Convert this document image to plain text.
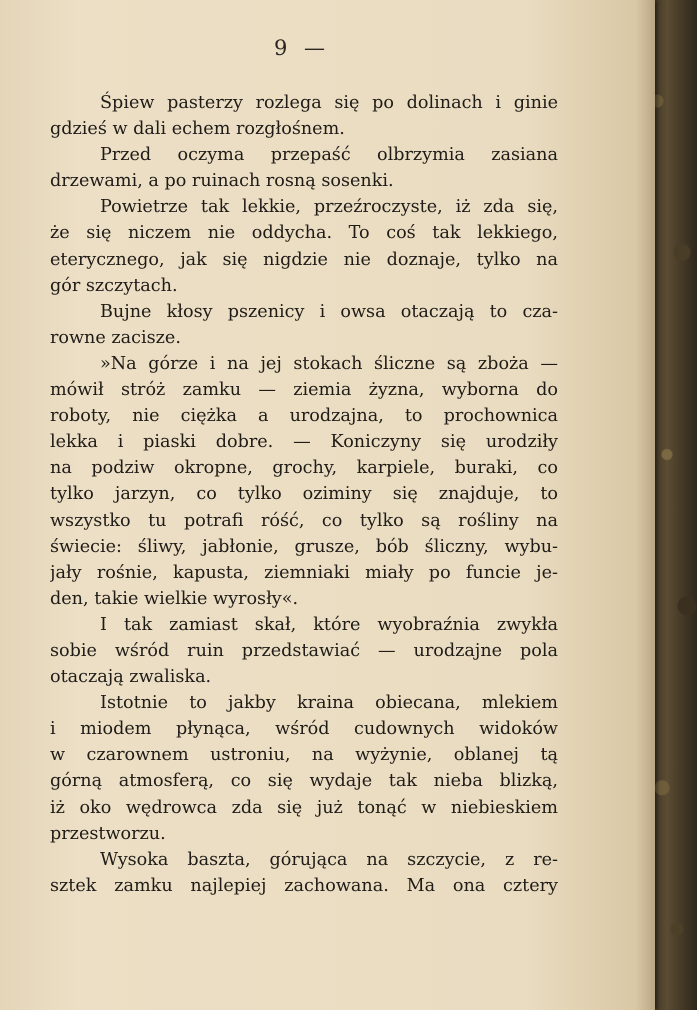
9 —
Śpiew pasterzy rozlega się po dolinach i ginie
gdzieś w dali echem rozgłośnem.
Przed oczyma przepaść olbrzymia zasiana
drzewami, a po ruinach rosną sosenki.
Powietrze tak lekkie, przeźroczyste, iż zda się,
że się niczem nie oddycha. To coś tak lekkiego,
eterycznego, jak się nigdzie nie doznaje, tylko na
gór szczytach.
Bujne kłosy pszenicy i owsa otaczają to cza-
rowne zacisze.
»Na górze i na jej stokach śliczne są zboża —
mówił stróż zamku — ziemia żyzna, wyborna do
roboty, nie ciężka a urodzajna, to prochownica
lekka i piaski dobre. — Koniczyny się urodziły
na podziw okropne, grochy, karpiele, buraki, co
tylko jarzyn, co tylko oziminy się znajduje, to
wszystko tu potrafi róść, co tylko są rośliny na
świecie: śliwy, jabłonie, grusze, bób śliczny, wybu-
jały rośnie, kapusta, ziemniaki miały po funcie je-
den, takie wielkie wyrosły«.
I tak zamiast skał, które wyobraźnia zwykła
sobie wśród ruin przedstawiać — urodzajne pola
otaczają zwaliska.
Istotnie to jakby kraina obiecana, mlekiem
i miodem płynąca, wśród cudownych widoków
w czarownem ustroniu, na wyżynie, oblanej tą
górną atmosferą, co się wydaje tak nieba blizką,
iż oko wędrowca zda się już tonąć w niebieskiem
przestworzu.
Wysoka baszta, górująca na szczycie, z re-
sztek zamku najlepiej zachowana. Ma ona cztery
